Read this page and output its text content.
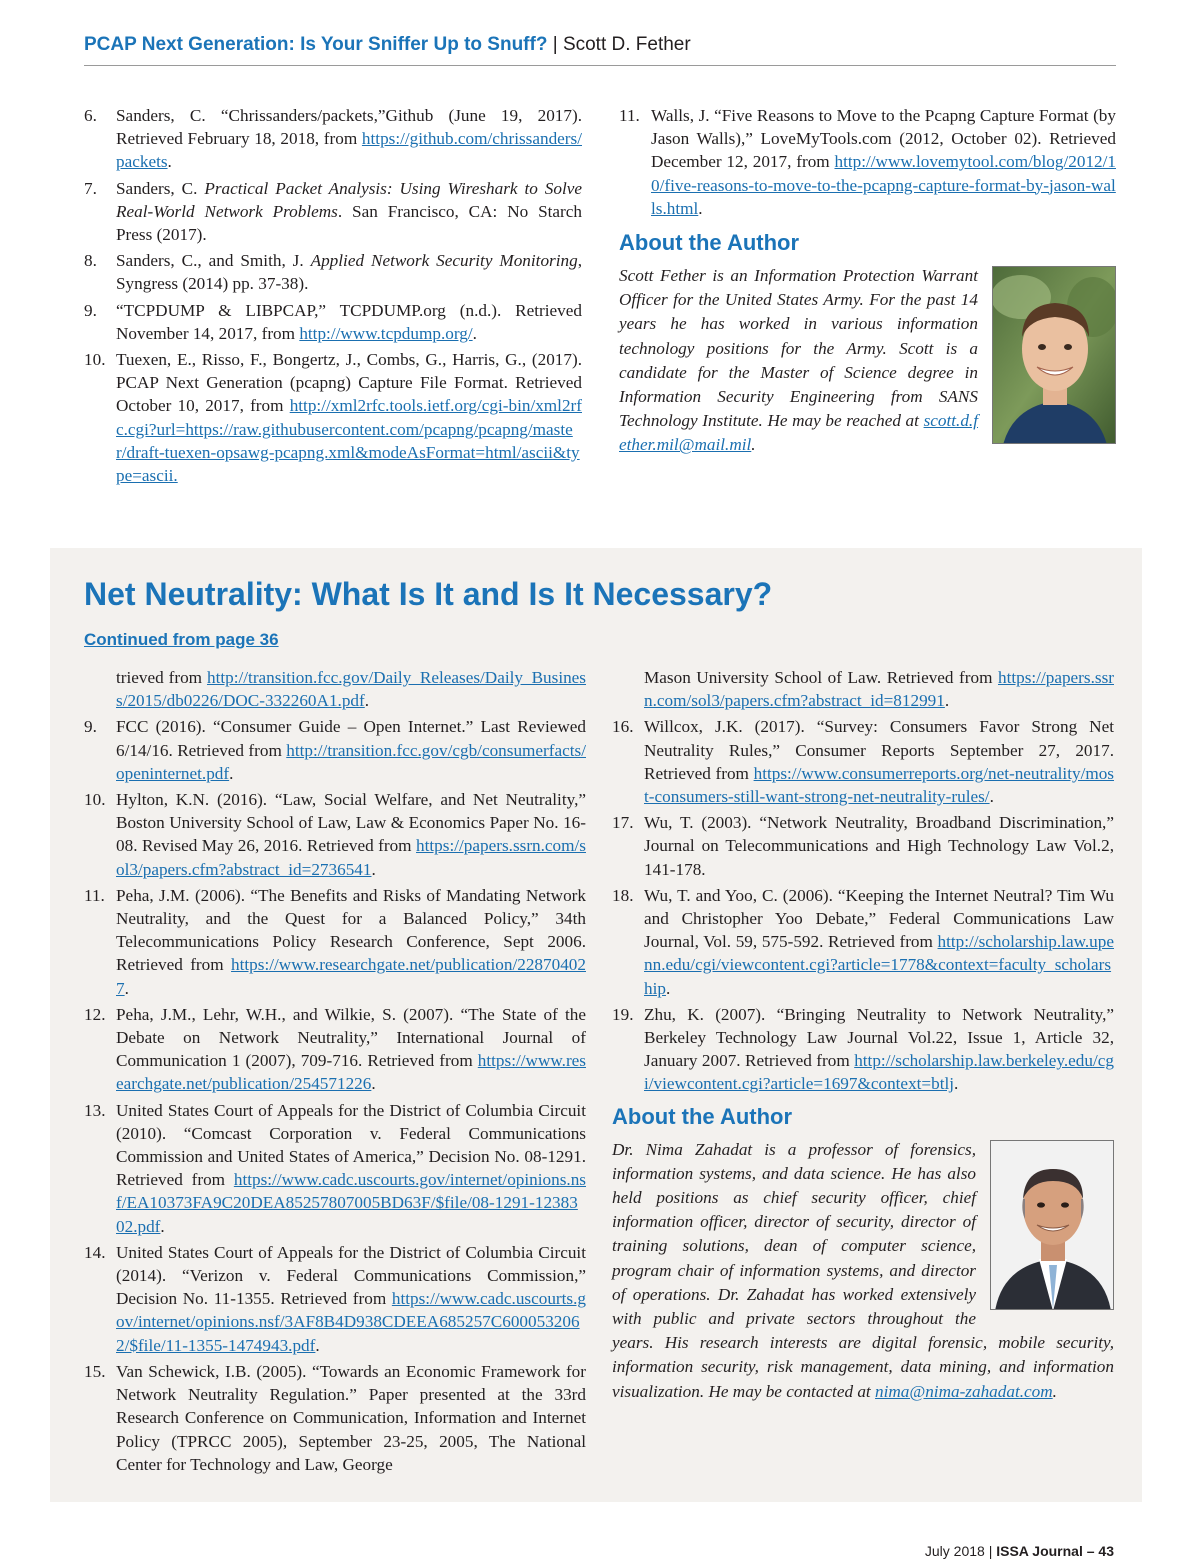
PCAP Next Generation: Is Your Sniffer Up to Snuff? | Scott D. Fether
6.	Sanders, C. “Chrissanders/packets,”Github (June 19, 2017). Retrieved February 18, 2018, from https://github.com/chrissanders/packets.
7.	Sanders, C. Practical Packet Analysis: Using Wireshark to Solve Real-World Network Problems. San Francisco, CA: No Starch Press (2017).
8.	Sanders, C., and Smith, J. Applied Network Security Monitoring, Syngress (2014) pp. 37-38).
9.	“TCPDUMP & LIBPCAP,” TCPDUMP.org (n.d.). Retrieved November 14, 2017, from http://www.tcpdump.org/.
10. Tuexen, E., Risso, F., Bongertz, J., Combs, G., Harris, G., (2017). PCAP Next Generation (pcapng) Capture File Format. Retrieved October 10, 2017, from http://xml2rfc.tools.ietf.org/cgi-bin/xml2rfc.cgi?url=https://raw.githubusercontent.com/pcapng/pcapng/master/draft-tuexen-opsawg-pcapng.xml&modeAsFormat=html/ascii&type=ascii.
11. Walls, J. “Five Reasons to Move to the Pcapng Capture Format (by Jason Walls),” LoveMyTools.com (2012, October 02). Retrieved December 12, 2017, from http://www.lovemytool.com/blog/2012/10/five-reasons-to-move-to-the-pcapng-capture-format-by-jason-walls.html.
About the Author
Scott Fether is an Information Protection Warrant Officer for the United States Army. For the past 14 years he has worked in various information technology positions for the Army. Scott is a candidate for the Master of Science degree in Information Security Engineering from SANS Technology Institute. He may be reached at scott.d.fether.mil@mail.mil.
Net Neutrality: What Is It and Is It Necessary?
Continued from page 36
trieved from http://transition.fcc.gov/Daily_Releases/Daily_Business/2015/db0226/DOC-332260A1.pdf.
9.	FCC (2016). “Consumer Guide – Open Internet.” Last Reviewed 6/14/16. Retrieved from http://transition.fcc.gov/cgb/consumerfacts/openinternet.pdf.
10. Hylton, K.N. (2016). “Law, Social Welfare, and Net Neutrality,” Boston University School of Law, Law & Economics Paper No. 16-08. Revised May 26, 2016. Retrieved from https://papers.ssrn.com/sol3/papers.cfm?abstract_id=2736541.
11. Peha, J.M. (2006). “The Benefits and Risks of Mandating Network Neutrality, and the Quest for a Balanced Policy,” 34th Telecommunications Policy Research Conference, Sept 2006. Retrieved from https://www.researchgate.net/publication/228704027.
12. Peha, J.M., Lehr, W.H., and Wilkie, S. (2007). “The State of the Debate on Network Neutrality,” International Journal of Communication 1 (2007), 709-716. Retrieved from https://www.researchgate.net/publication/254571226.
13. United States Court of Appeals for the District of Columbia Circuit (2010). “Comcast Corporation v. Federal Communications Commission and United States of America,” Decision No. 08-1291. Retrieved from https://www.cadc.uscourts.gov/internet/opinions.nsf/EA10373FA9C20DEA85257807005BD63F/$file/08-1291-1238302.pdf.
14. United States Court of Appeals for the District of Columbia Circuit (2014). “Verizon v. Federal Communications Commission,” Decision No. 11-1355. Retrieved from https://www.cadc.uscourts.gov/internet/opinions.nsf/3AF8B4D938CDEEA685257C6000532062/$file/11-1355-1474943.pdf.
15. Van Schewick, I.B. (2005). “Towards an Economic Framework for Network Neutrality Regulation.” Paper presented at the 33rd Research Conference on Communication, Information and Internet Policy (TPRCC 2005), September 23-25, 2005, The National Center for Technology and Law, George
Mason University School of Law. Retrieved from https://papers.ssrn.com/sol3/papers.cfm?abstract_id=812991.
16. Willcox, J.K. (2017). “Survey: Consumers Favor Strong Net Neutrality Rules,” Consumer Reports September 27, 2017. Retrieved from https://www.consumerreports.org/net-neutrality/most-consumers-still-want-strong-net-neutrality-rules/.
17. Wu, T. (2003). “Network Neutrality, Broadband Discrimination,” Journal on Telecommunications and High Technology Law Vol.2, 141-178.
18. Wu, T. and Yoo, C. (2006). “Keeping the Internet Neutral? Tim Wu and Christopher Yoo Debate,” Federal Communications Law Journal, Vol. 59, 575-592. Retrieved from http://scholarship.law.upenn.edu/cgi/viewcontent.cgi?article=1778&context=faculty_scholarship.
19. Zhu, K. (2007). “Bringing Neutrality to Network Neutrality,” Berkeley Technology Law Journal Vol.22, Issue 1, Article 32, January 2007. Retrieved from http://scholarship.law.berkeley.edu/cgi/viewcontent.cgi?article=1697&context=btlj.
About the Author
Dr. Nima Zahadat is a professor of forensics, information systems, and data science. He has also held positions as chief security officer, chief information officer, director of security, director of training solutions, dean of computer science, program chair of information systems, and director of operations. Dr. Zahadat has worked extensively with public and private sectors throughout the years. His research interests are digital forensic, mobile security, information security, risk management, data mining, and information visualization. He may be contacted at nima@nima-zahadat.com.
July 2018 | ISSA Journal – 43
